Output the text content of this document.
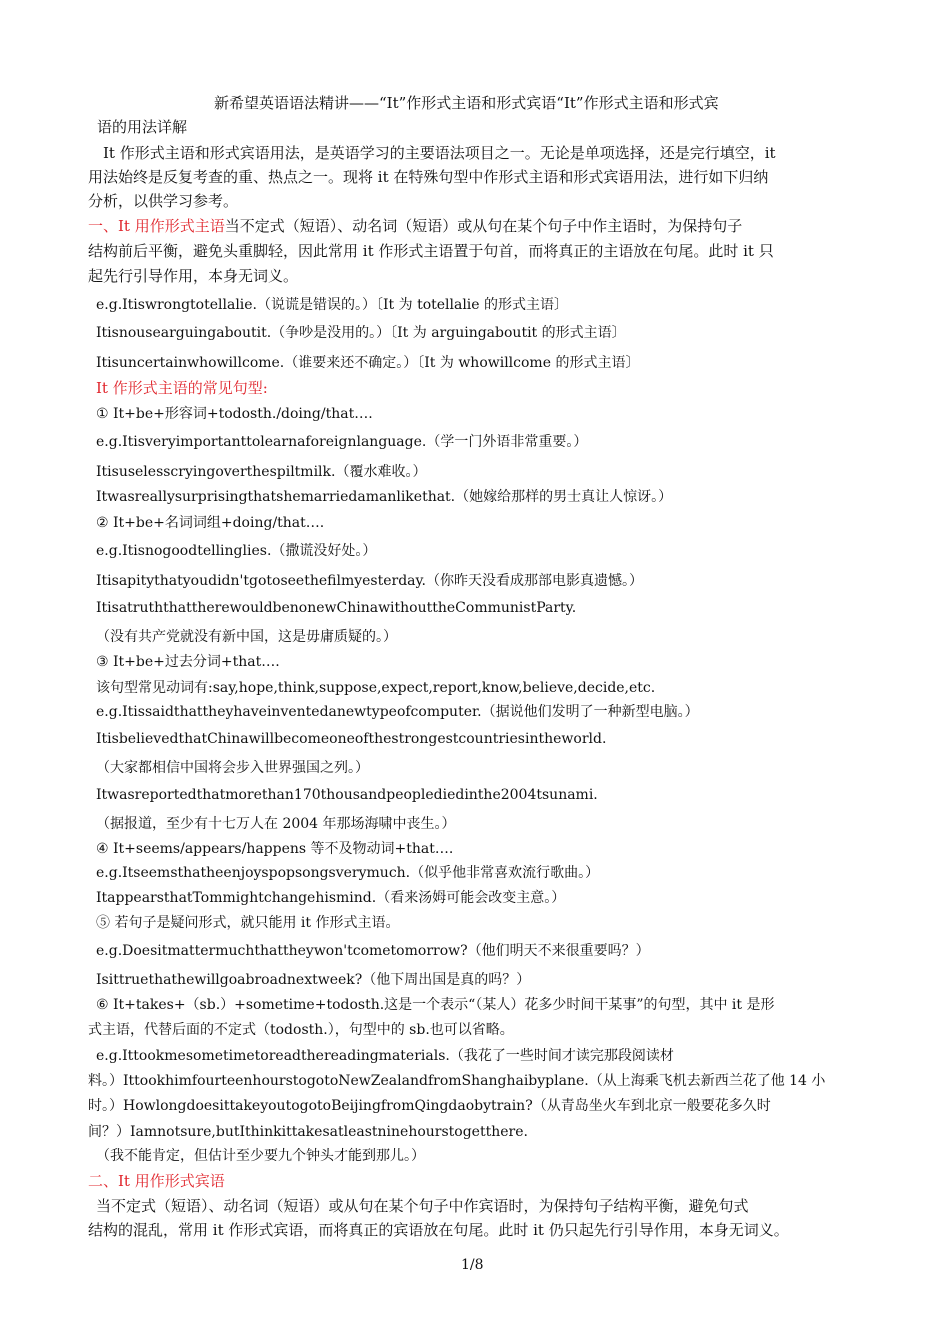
新希望英语语法精讲——“It”作形式主语和形式宾语“It”作形式主语和形式宾
语的用法详解
It 作形式主语和形式宾语用法，是英语学习的主要语法项目之一。无论是单项选择，还是完行填空，it
用法始终是反复考查的重、热点之一。现将 it 在特殊句型中作形式主语和形式宾语用法，进行如下归纳
分析，以供学习参考。
一、It 用作形式主语当不定式（短语）、动名词（短语）或从句在某个句子中作主语时，为保持句子
结构前后平衡，避免头重脚轻，因此常用 it 作形式主语置于句首，而将真正的主语放在句尾。此时 it 只
起先行引导作用，本身无词义。
e.g.Itiswrongtotellalie.（说谎是错误的。）〔It 为 totellalie 的形式主语〕
Itisnousearguingaboutit.（争吵是没用的。）〔It 为 arguingaboutit 的形式主语〕
Itisuncertainwhowillcome.（谁要来还不确定。）〔It 为 whowillcome 的形式主语〕
It 作形式主语的常见句型:
① It+be+形容词+todosth./doing/that….
e.g.Itisveryimportanttolearnaforeignlanguage.（学一门外语非常重要。）
Itisuselesscryingoverthespiltmilk.（覆水难收。）
Itwasreallysurprisingthatshemarriedamanlikethat.（她嫁给那样的男士真让人惊讶。）
② It+be+名词词组+doing/that….
e.g.Itisnogoodtellinglies.（撒谎没好处。）
Itisapitythatyoudidn'tgotoseethefilmyesterday.（你昨天没看成那部电影真遗憾。）
ItisatruththattherewouldbenonewChinawithouttheCommunistParty.
（没有共产党就没有新中国，这是毋庸质疑的。）
③ It+be+过去分词+that….
该句型常见动词有:say,hope,think,suppose,expect,report,know,believe,decide,etc.
e.g.Itissaidthattheyhaveinventedanewtypeofcomputer.（据说他们发明了一种新型电脑。）
ItisbelievedthatChinawillbecomeoneofthestrongestcountriesintheworld.
（大家都相信中国将会步入世界强国之列。）
Itwasreportedthatmorethan170thousandpeoplediedinthe2004tsunami.
（据报道，至少有十七万人在 2004 年那场海啸中丧生。）
④ It+seems/appears/happens 等不及物动词+that….
e.g.Itseemsthatheenjoyspopsongsverymuch.（似乎他非常喜欢流行歌曲。）
ItappearsthatTommightchangehismind.（看来汤姆可能会改变主意。）
⑤ 若句子是疑问形式，就只能用 it 作形式主语。
e.g.Doesitmattermuchthattheywon'tcometomorrow?（他们明天不来很重要吗？）
Isittruethathewillgoabroadnextweek?（他下周出国是真的吗？）
⑥ It+takes+（sb.）+sometime+todosth.这是一个表示“（某人）花多少时间干某事”的句型，其中 it 是形
式主语，代替后面的不定式（todosth.），句型中的 sb.也可以省略。
e.g.Ittookmesometimetoreadthereadingmaterials.（我花了一些时间才读完那段阅读材
料。）IttookhimfourteenhourstogotoNewZealandfromShanghaibyplane.（从上海乘飞机去新西兰花了他 14 小
时。）HowlongdoesittakeyoutogotoBeijingfromQingdaobytrain?（从青岛坐火车到北京一般要花多久时
间？）Iamnotsure,butIthinkittakesatleastninehourstogetthere.
（我不能肯定，但估计至少要九个钟头才能到那儿。）
二、It 用作形式宾语
当不定式（短语）、动名词（短语）或从句在某个句子中作宾语时，为保持句子结构平衡，避免句式
结构的混乱，常用 it 作形式宾语，而将真正的宾语放在句尾。此时 it 仍只起先行引导作用，本身无词义。
1/8
